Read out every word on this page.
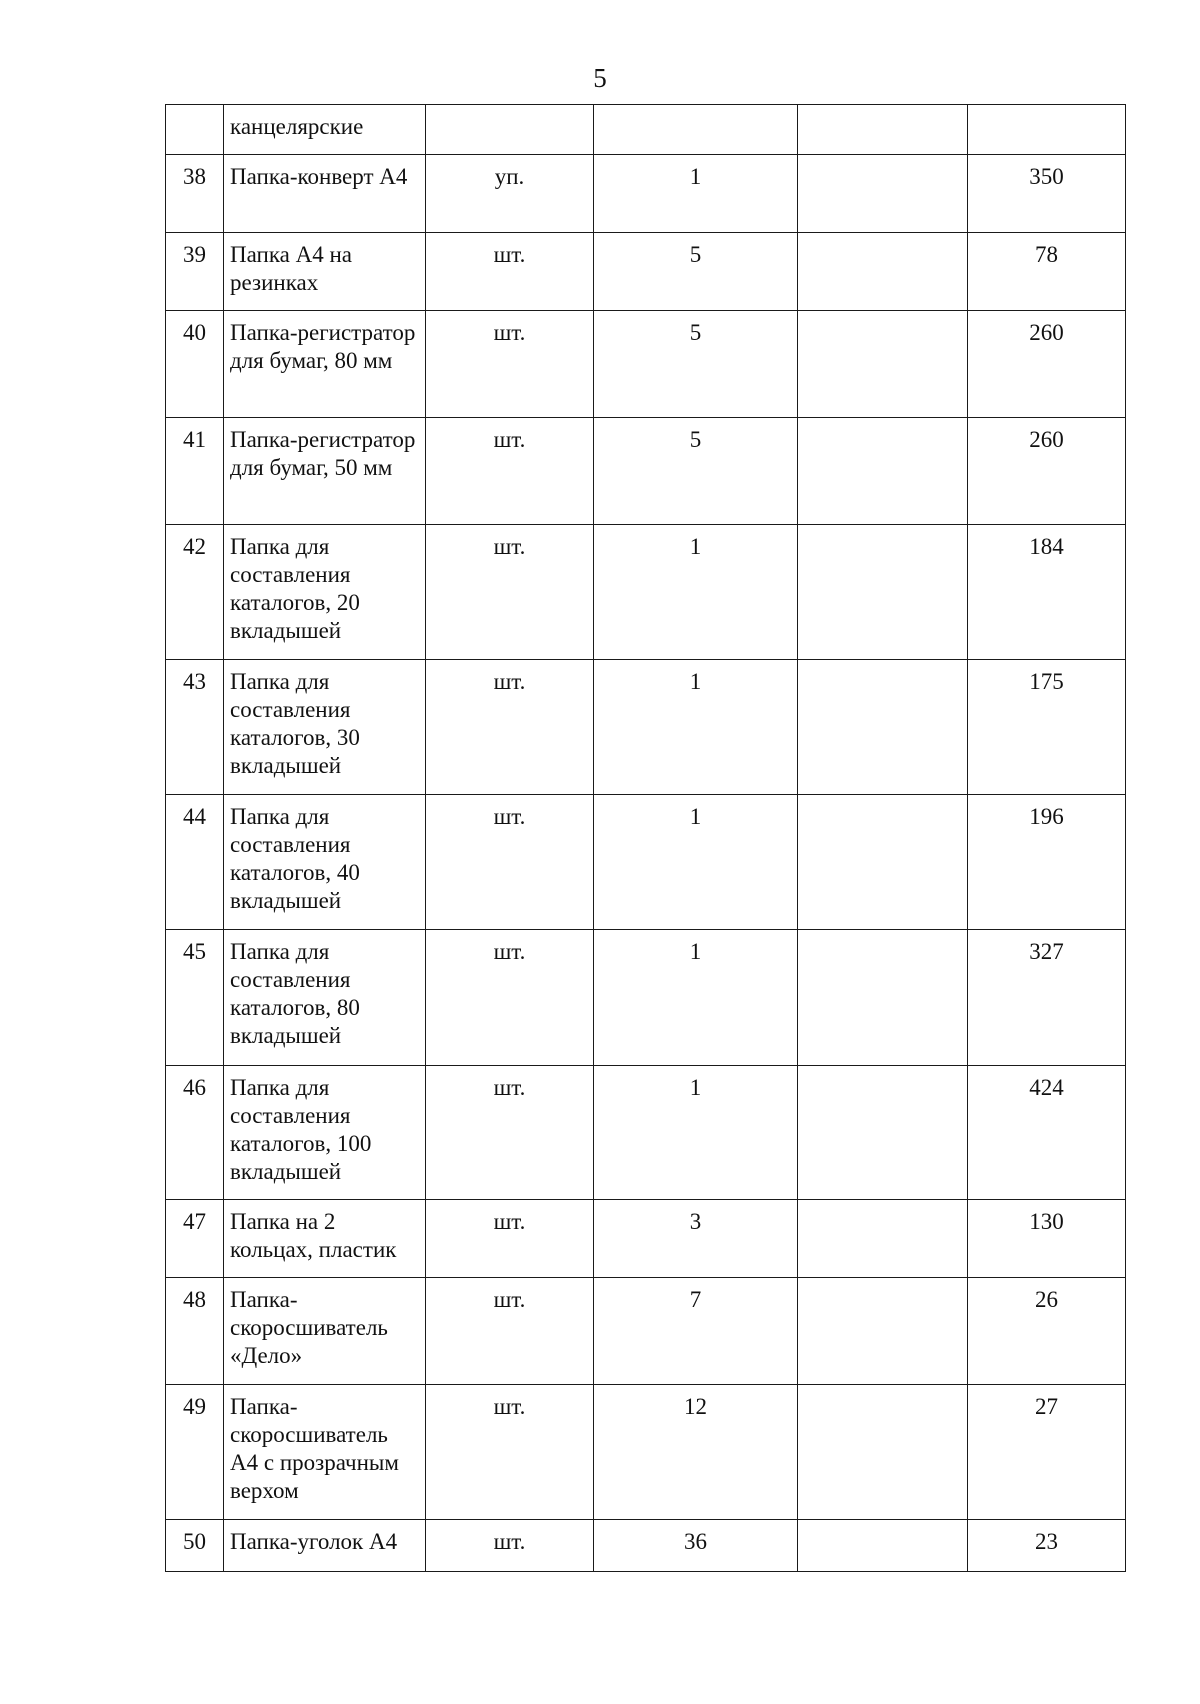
5
	канцелярские				
38	Папка-конверт А4	уп.	1		350
39	Папка А4 на резинках	шт.	5		78
40	Папка-регистратор для бумаг, 80 мм	шт.	5		260
41	Папка-регистратор для бумаг, 50 мм	шт.	5		260
42	Папка для составления каталогов, 20 вкладышей	шт.	1		184
43	Папка для составления каталогов, 30 вкладышей	шт.	1		175
44	Папка для составления каталогов, 40 вкладышей	шт.	1		196
45	Папка для составления каталогов, 80 вкладышей	шт.	1		327
46	Папка для составления каталогов, 100 вкладышей	шт.	1		424
47	Папка на 2 кольцах, пластик	шт.	3		130
48	Папка-скоросшиватель «Дело»	шт.	7		26
49	Папка-скоросшиватель А4 с прозрачным верхом	шт.	12		27
50	Папка-уголок А4	шт.	36		23
